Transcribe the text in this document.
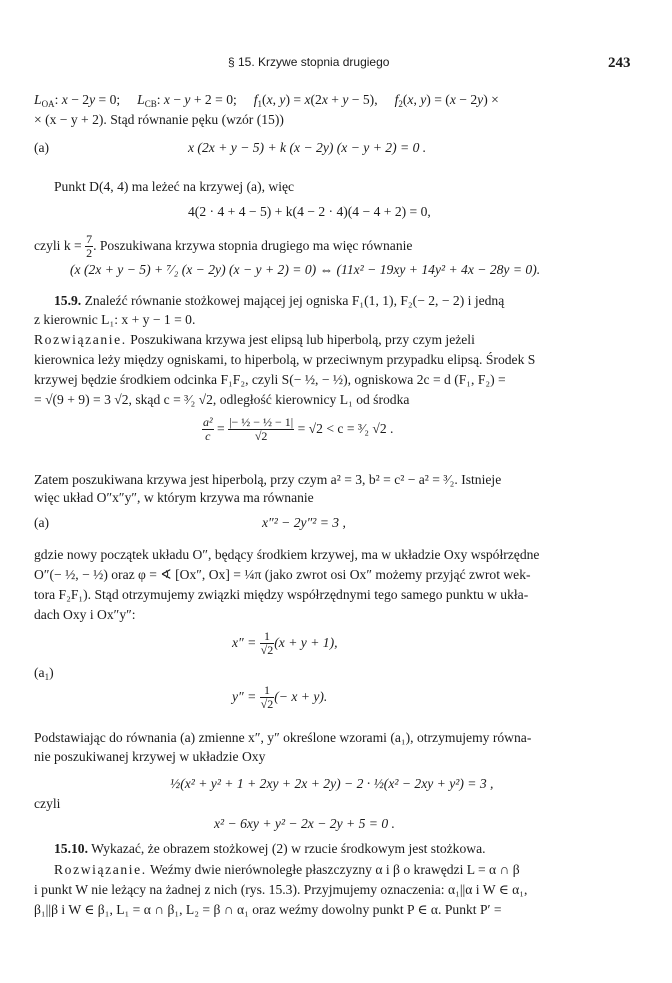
§ 15. Krzywe stopnia drugiego	243
$L_{OA}$: x − 2y = 0;     $L_{CB}$: x − y + 2 = 0;     $f_1(x$, y) = x(2x + y − 5),     $f_2(x$, y) = (x − 2y) ×
× (x − y + 2). Stąd równanie pęku (wzór (15))
(a)	x (2x + y − 5) + k (x − 2y) (x − y + 2) = 0 .
Punkt D(4, 4) ma leżeć na krzywej (a), więc
4(2 · 4 + 4 − 5) + k(4 − 2 · 4)(4 − 4 + 2) = 0,
czyli $k = \frac{7}{2}$ . Poszukiwana krzywa stopnia drugiego ma więc równanie
(x (2x + y − 5) + ⁷⁄₂ (x − 2y) (x − y + 2) = 0) ⇔ (11x² − 19xy + 14y² + 4x − 28y = 0).
15.9. Znaleźć równanie stożkowej mającej jej ogniska F₁(1, 1), F₂(− 2, − 2) i jedną
z kierownic L₁: x + y − 1 = 0.
Rozwiązanie. Poszukiwana krzywa jest elipsą lub hiperbolą, przy czym jeżeli
kierownica leży między ogniskami, to hiperbolą, w przeciwnym przypadku elipsą. Środek S
krzywej będzie środkiem odcinka F₁F₂, czyli S(− ½, − ½), ogniskowa 2c = d (F₁, F₂) =
= √(9 + 9) = 3 √2, skąd c = ³⁄₂ √2, odległość kierownicy L₁ od środka
$\frac{\text{a²}}{c} = \frac{\text{|− ½ − ½ − 1|}}{√2} = √2 < c$ = ³⁄₂ √2 .
Zatem poszukiwana krzywa jest hiperbolą, przy czym a² = 3, b² = c² − a² = ³⁄₂. Istnieje
więc układ O″x″y″, w którym krzywa ma równanie
(a)	x″² − 2y″² = 3 ,
gdzie nowy początek układu O″, będący środkiem krzywej, ma w układzie Oxy współrzędne
O″(− ½, − ½) oraz φ = ∢ [Ox″, Ox] = ¼π (jako zwrot osi Ox″ możemy przyjąć zwrot wek-
tora F₂F₁). Stąd otrzymujemy związki między współrzędnymi tego samego punktu w ukła-
dach Oxy i Ox″y″:
$x'' = \frac{1}{√2} (x + y + 1)$,
$(a_1)$
$y'' = \frac{1}{√2}$ (− x + y).
Podstawiając do równania (a) zmienne x″, y″ określone wzorami (a₁), otrzymujemy równa-
nie poszukiwanej krzywej w układzie Oxy
½(x² + y² + 1 + 2xy + 2x + 2y) − 2 · ½(x² − 2xy + y²) = 3 ,
czyli
x² − 6xy + y² − 2x − 2y + 5 = 0 .
15.10. Wykazać, że obrazem stożkowej (2) w rzucie środkowym jest stożkowa.
Rozwiązanie. Weźmy dwie nierównoległe płaszczyzny α i β o krawędzi L = α ∩ β
i punkt W nie leżący na żadnej z nich (rys. 15.3). Przyjmujemy oznaczenia: α₁||α i W ∈ α₁,
β₁||β i W ∈ β₁, L₁ = α ∩ β₁, L₂ = β ∩ α₁ oraz weźmy dowolny punkt P ∈ α. Punkt P′ =
